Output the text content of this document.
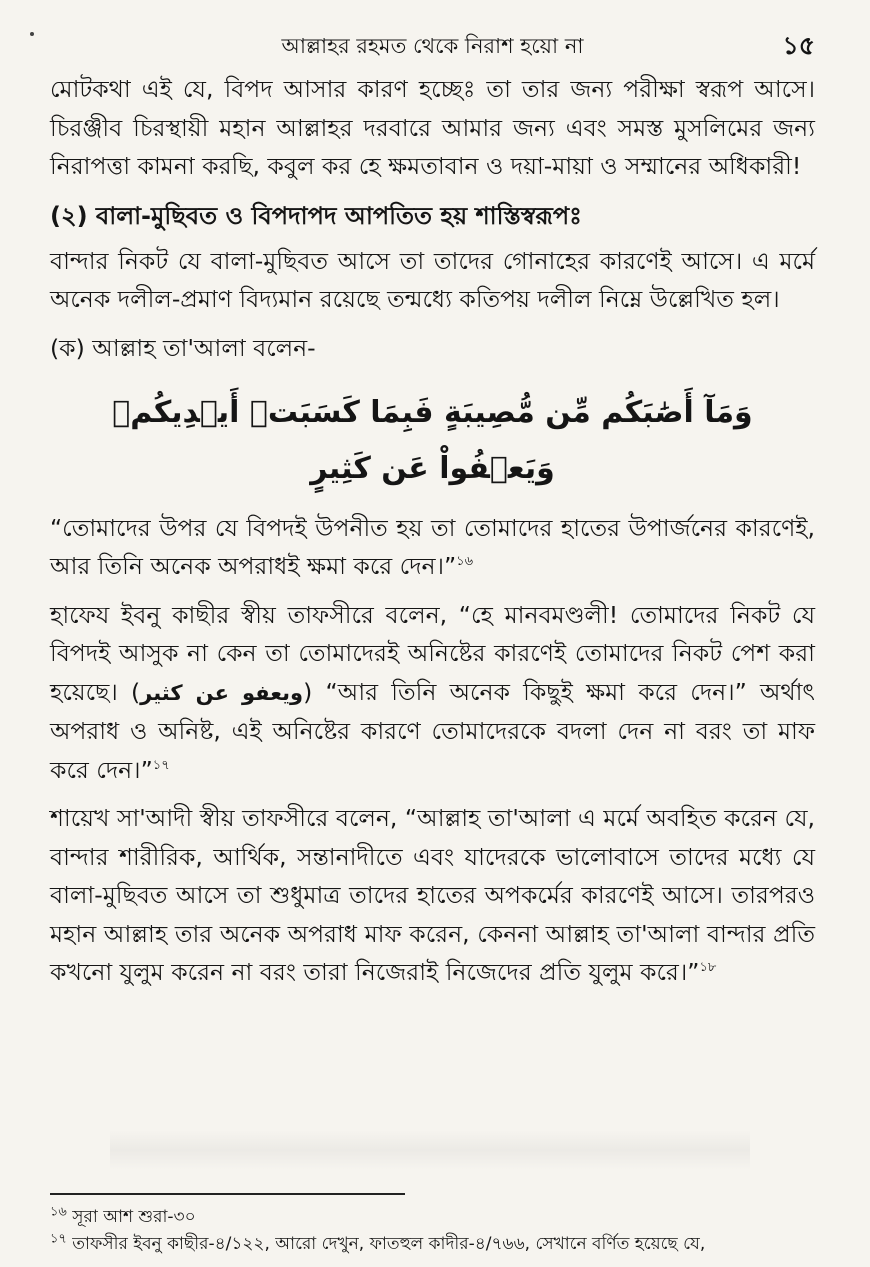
আল্লাহর রহমত থেকে নিরাশ হয়ো না	১৫

মোটকথা এই যে, বিপদ আসার কারণ হচ্ছেঃ তা তার জন্য পরীক্ষা স্বরূপ আসে। চিরঞ্জীব চিরস্থায়ী মহান আল্লাহর দরবারে আমার জন্য এবং সমস্ত মুসলিমের জন্য নিরাপত্তা কামনা করছি, কবুল কর হে ক্ষমতাবান ও দয়া-মায়া ও সম্মানের অধিকারী!

(২) বালা-মুছিবত ও বিপদাপদ আপতিত হয় শাস্তিস্বরূপঃ

বান্দার নিকট যে বালা-মুছিবত আসে তা তাদের গোনাহের কারণেই আসে। এ মর্মে অনেক দলীল-প্রমাণ বিদ্যমান রয়েছে তন্মধ্যে কতিপয় দলীল নিম্নে উল্লেখিত হল।

(ক) আল্লাহ তা'আলা বলেন-

وَمَآ أَصَٰبَكُم مِّن مُّصِيبَةٍ فَبِمَا كَسَبَتۡ أَيۡدِيكُمۡ وَيَعۡفُواْ عَن كَثِيرٍ

“তোমাদের উপর যে বিপদই উপনীত হয় তা তোমাদের হাতের উপার্জনের কারণেই, আর তিনি অনেক অপরাধই ক্ষমা করে দেন।”$^{১৬}$

হাফেয ইবনু কাছীর স্বীয় তাফসীরে বলেন, “হে মানবমণ্ডলী! তোমাদের নিকট যে বিপদই আসুক না কেন তা তোমাদেরই অনিষ্টের কারণেই তোমাদের নিকট পেশ করা হয়েছে। (ويعفو عن كثير) “আর তিনি অনেক কিছুই ক্ষমা করে দেন।” অর্থাৎ অপরাধ ও অনিষ্ট, এই অনিষ্টের কারণে তোমাদেরকে বদলা দেন না বরং তা মাফ করে দেন।”$^{১৭}$

শায়েখ সা'আদী স্বীয় তাফসীরে বলেন, “আল্লাহ তা'আলা এ মর্মে অবহিত করেন যে, বান্দার শারীরিক, আর্থিক, সন্তানাদীতে এবং যাদেরকে ভালোবাসে তাদের মধ্যে যে বালা-মুছিবত আসে তা শুধুমাত্র তাদের হাতের অপকর্মের কারণেই আসে। তারপরও মহান আল্লাহ তার অনেক অপরাধ মাফ করেন, কেননা আল্লাহ তা'আলা বান্দার প্রতি কখনো যুলুম করেন না বরং তারা নিজেরাই নিজেদের প্রতি যুলুম করে।”$^{১৮}$

$^{১৬}$ সূরা আশ শুরা-৩০
$^{১৭}$ তাফসীর ইবনু কাছীর-৪/১২২, আরো দেখুন, ফাতহুল কাদীর-৪/৭৬৬, সেখানে বর্ণিত হয়েছে যে,
